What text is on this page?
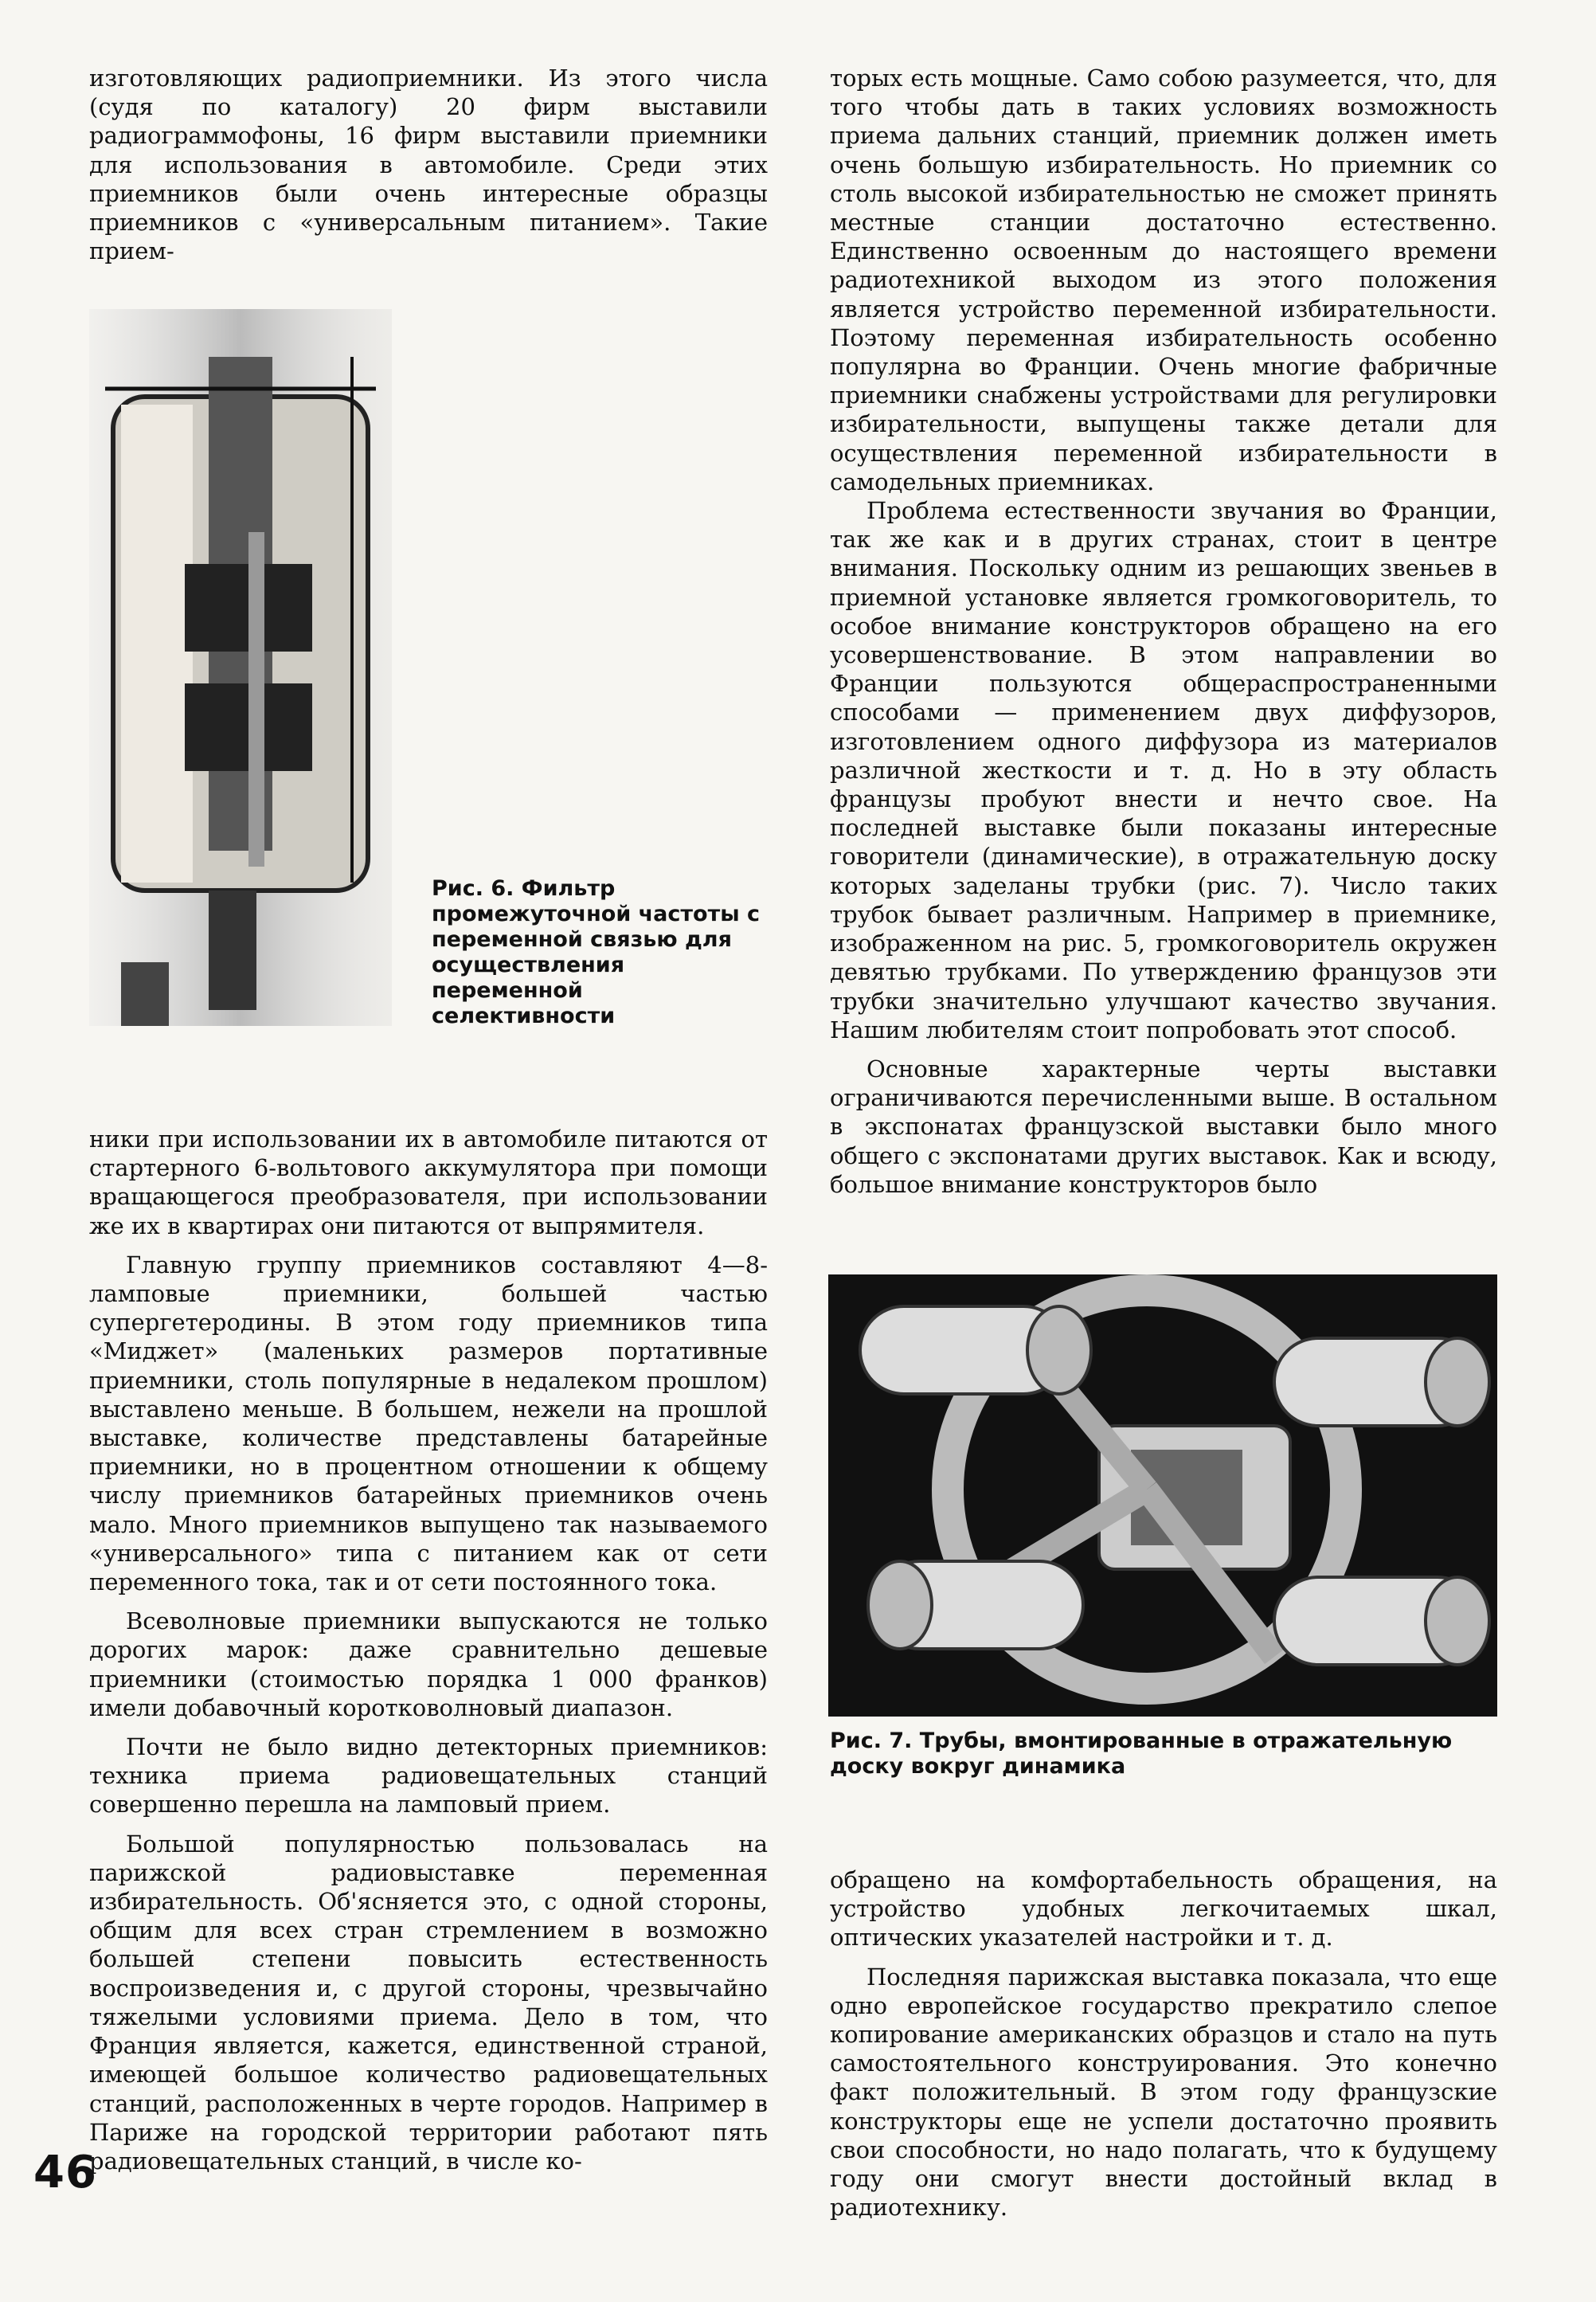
изготовляющих радиоприемники. Из этого числа (судя по каталогу) 20 фирм выставили радиограммофоны, 16 фирм выставили приемники для использования в автомобиле. Среди этих приемников были очень интересные образцы приемников с «универсальным питанием». Такие прием-

Рис. 6. Фильтр промежуточной частоты с переменной связью для осуществления переменной селективности

ники при использовании их в автомобиле питаются от стартерного 6-вольтового аккумулятора при помощи вращающегося преобразователя, при использовании же их в квартирах они питаются от выпрямителя.

Главную группу приемников составляют 4—8-ламповые приемники, большей частью супергетеродины. В этом году приемников типа «Миджет» (маленьких размеров портативные приемники, столь популярные в недалеком прошлом) выставлено меньше. В большем, нежели на прошлой выставке, количестве представлены батарейные приемники, но в процентном отношении к общему числу приемников батарейных приемников очень мало. Много приемников выпущено так называемого «универсального» типа с питанием как от сети переменного тока, так и от сети постоянного тока.

Всеволновые приемники выпускаются не только дорогих марок: даже сравнительно дешевые приемники (стоимостью порядка 1 000 франков) имели добавочный коротковолновый диапазон.

Почти не было видно детекторных приемников: техника приема радиовещательных станций совершенно перешла на ламповый прием.

Большой популярностью пользовалась на парижской радиовыставке переменная избирательность. Об'ясняется это, с одной стороны, общим для всех стран стремлением в возможно большей степени повысить естественность воспроизведения и, с другой стороны, чрезвычайно тяжелыми условиями приема. Дело в том, что Франция является, кажется, единственной страной, имеющей большое количество радиовещательных станций, расположенных в черте городов. Например в Париже на городской территории работают пять радиовещательных станций, в числе ко-

торых есть мощные. Само собою разумеется, что, для того чтобы дать в таких условиях возможность приема дальних станций, приемник должен иметь очень большую избирательность. Но приемник со столь высокой избирательностью не сможет принять местные станции достаточно естественно. Единственно освоенным до настоящего времени радиотехникой выходом из этого положения является устройство переменной избирательности. Поэтому переменная избирательность особенно популярна во Франции. Очень многие фабричные приемники снабжены устройствами для регулировки избирательности, выпущены также детали для осуществления переменной избирательности в самодельных приемниках.

Проблема естественности звучания во Франции, так же как и в других странах, стоит в центре внимания. Поскольку одним из решающих звеньев в приемной установке является громкоговоритель, то особое внимание конструкторов обращено на его усовершенствование. В этом направлении во Франции пользуются общераспространенными способами — применением двух диффузоров, изготовлением одного диффузора из материалов различной жесткости и т. д. Но в эту область французы пробуют внести и нечто свое. На последней выставке были показаны интересные говорители (динамические), в отражательную доску которых заделаны трубки (рис. 7). Число таких трубок бывает различным. Например в приемнике, изображенном на рис. 5, громкоговоритель окружен девятью трубками. По утверждению французов эти трубки значительно улучшают качество звучания. Нашим любителям стоит попробовать этот способ.

Основные характерные черты выставки ограничиваются перечисленными выше. В остальном в экспонатах французской выставки было много общего с экспонатами других выставок. Как и всюду, большое внимание конструкторов было

Рис. 7. Трубы, вмонтированные в отражательную доску вокруг динамика

обращено на комфортабельность обращения, на устройство удобных легкочитаемых шкал, оптических указателей настройки и т. д.

Последняя парижская выставка показала, что еще одно европейское государство прекратило слепое копирование американских образцов и стало на путь самостоятельного конструирования. Это конечно факт положительный. В этом году французские конструкторы еще не успели достаточно проявить свои способности, но надо полагать, что к будущему году они смогут внести достойный вклад в радиотехнику.

46
